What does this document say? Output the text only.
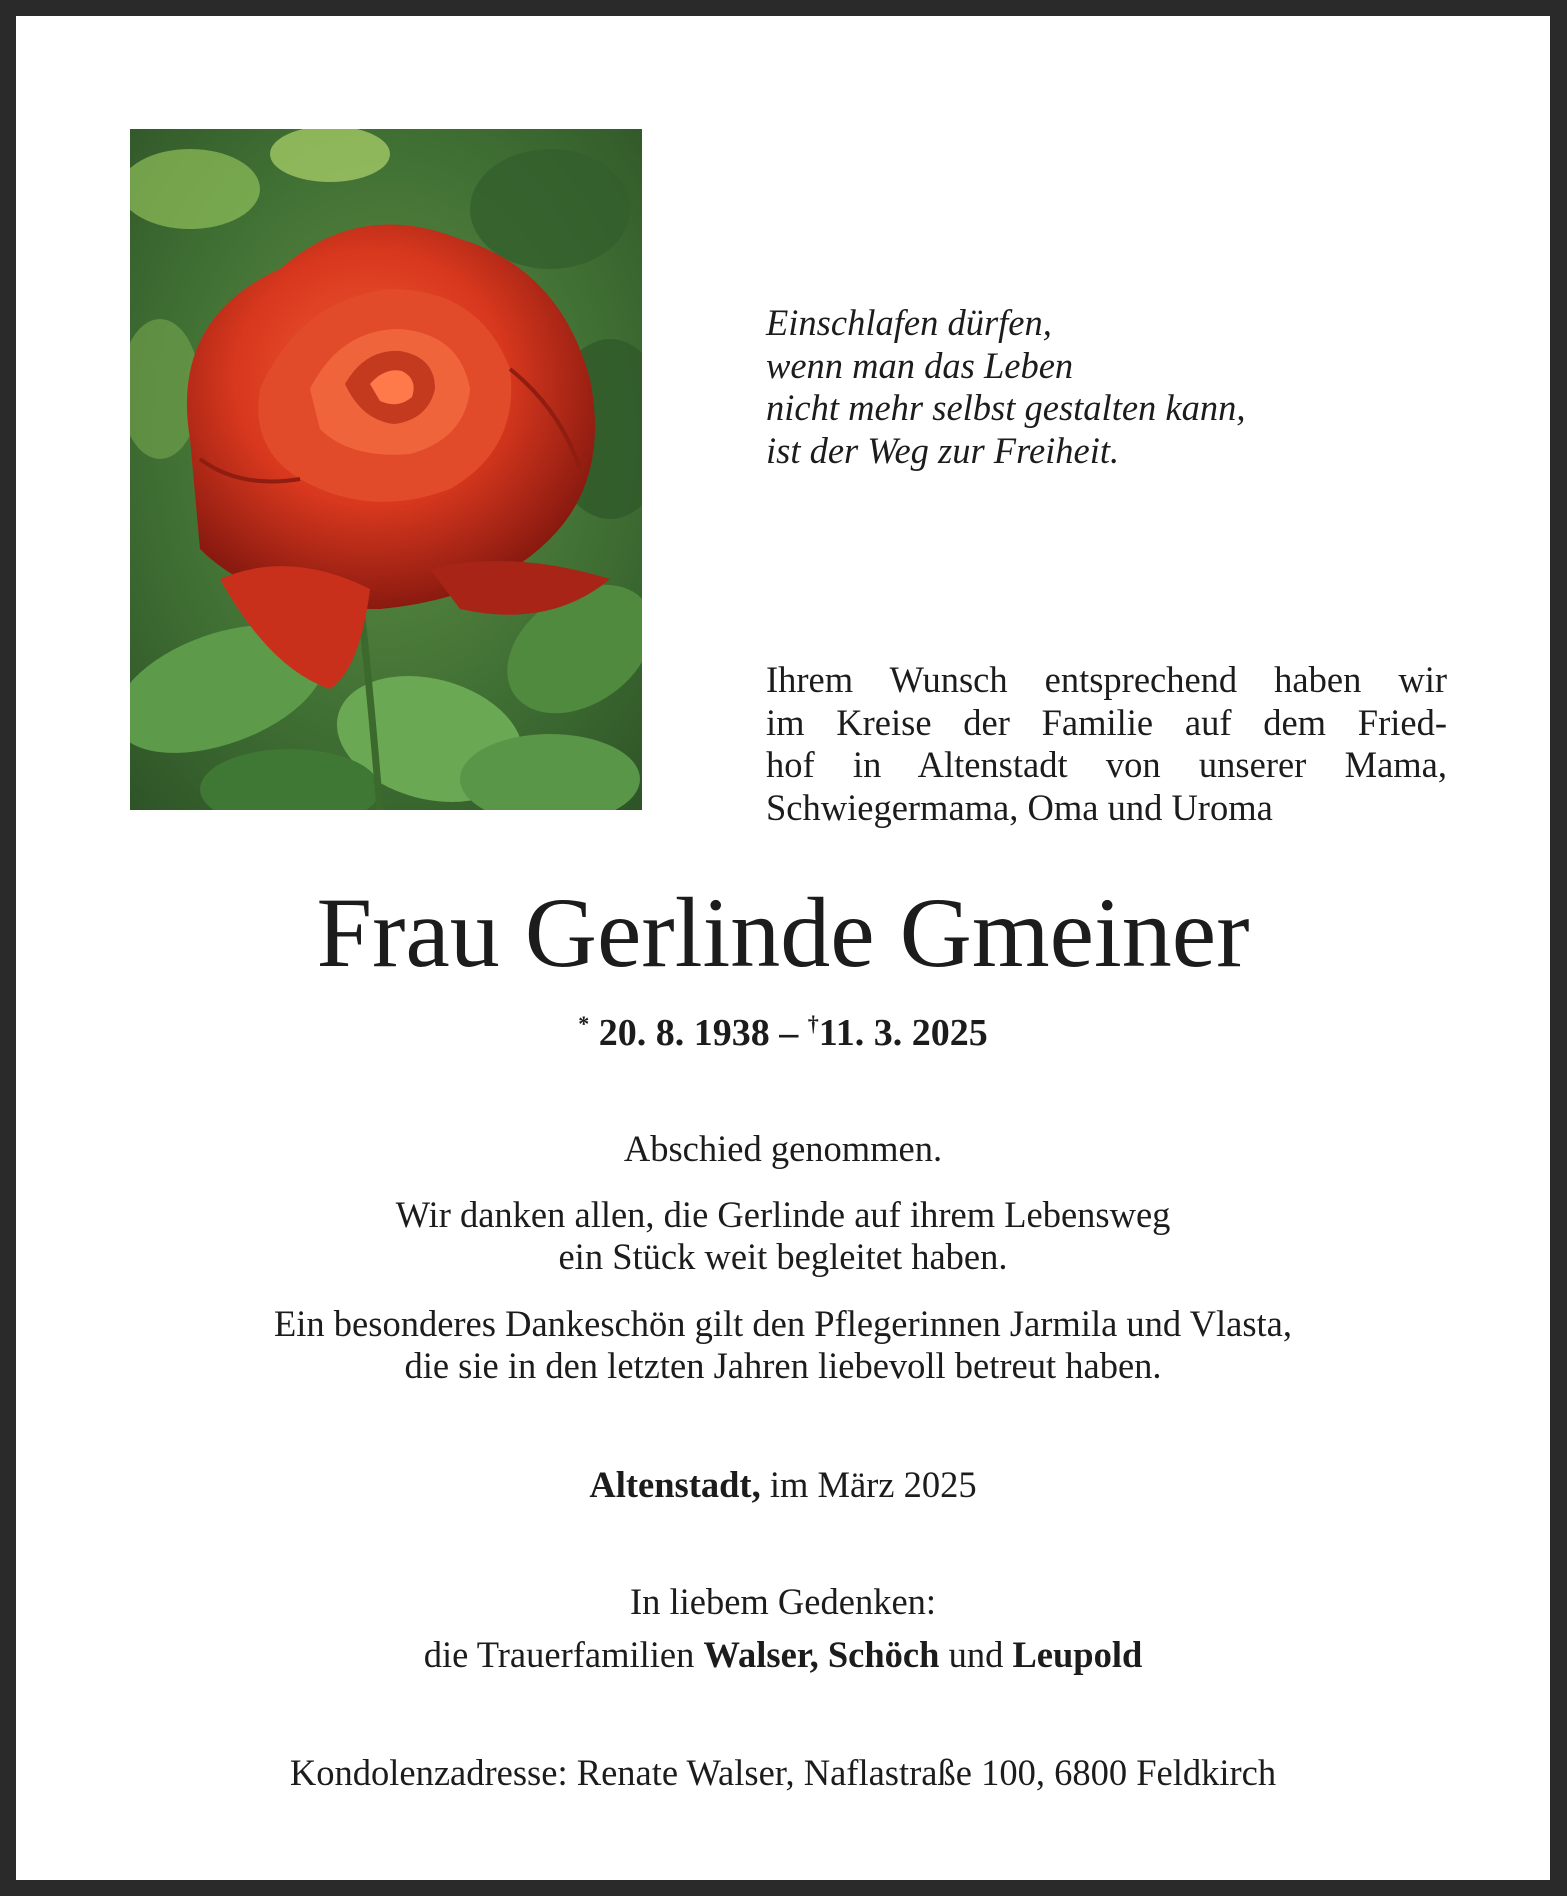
Einschlafen dürfen,
wenn man das Leben
nicht mehr selbst gestalten kann,
ist der Weg zur Freiheit.
Ihrem Wunsch entsprechend haben wir
im Kreise der Familie auf dem Fried-
hof in Altenstadt von unserer Mama,
Schwiegermama, Oma und Uroma
Frau Gerlinde Gmeiner
* 20. 8. 1938 – †11. 3. 2025
Abschied genommen.
Wir danken allen, die Gerlinde auf ihrem Lebensweg
ein Stück weit begleitet haben.
Ein besonderes Dankeschön gilt den Pflegerinnen Jarmila und Vlasta,
die sie in den letzten Jahren liebevoll betreut haben.
Altenstadt, im März 2025
In liebem Gedenken:
die Trauerfamilien Walser, Schöch und Leupold
Kondolenzadresse: Renate Walser, Naflastraße 100, 6800 Feldkirch
